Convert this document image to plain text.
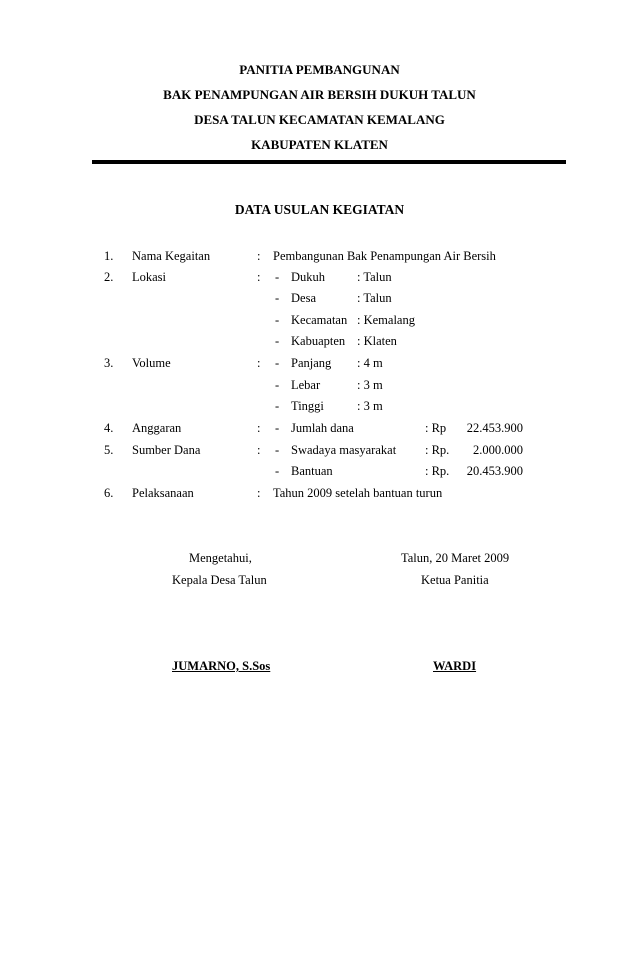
PANITIA PEMBANGUNAN
BAK PENAMPUNGAN AIR BERSIH DUKUH TALUN
DESA TALUN KECAMATAN KEMALANG
KABUPATEN KLATEN
DATA USULAN KEGIATAN
1. Nama Kegaitan	: Pembangunan Bak Penampungan Air Bersih
2. Lokasi	: - Dukuh	: Talun
- Desa	: Talun
- Kecamatan : Kemalang
- Kabuapten : Klaten
3. Volume	: - Panjang : 4 m
- Lebar	: 3 m
- Tinggi	: 3 m
4. Anggaran	: - Jumlah dana	: Rp 22.453.900
5. Sumber Dana	: - Swadaya masyarakat : Rp. 2.000.000
- Bantuan	: Rp. 20.453.900
6. Pelaksanaan	: Tahun 2009 setelah bantuan turun
Mengetahui,
Kepala Desa Talun
JUMARNO, S.Sos
Talun, 20 Maret 2009
Ketua Panitia
WARDI
